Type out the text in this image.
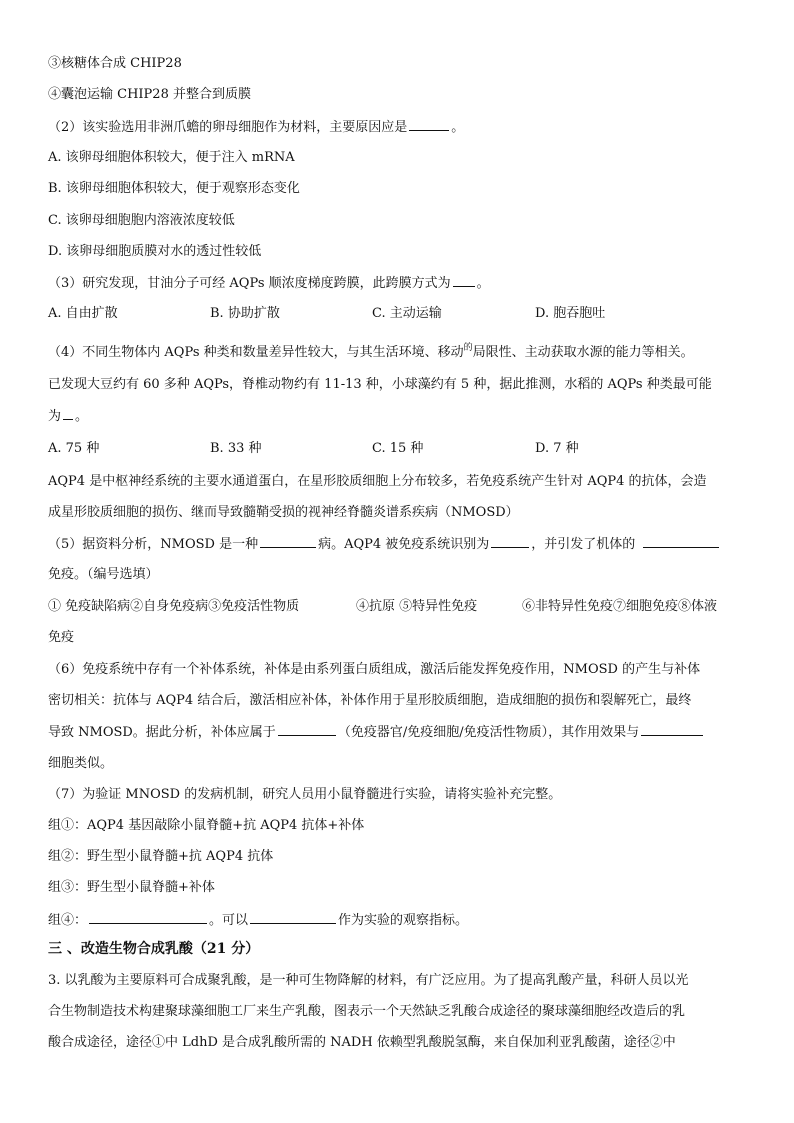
③核糖体合成 CHIP28
④囊泡运输 CHIP28 并整合到质膜
（2）该实验选用非洲爪蟾的卵母细胞作为材料，主要原因应是	。
A. 该卵母细胞体积较大，便于注入 mRNA
B. 该卵母细胞体积较大，便于观察形态变化
C. 该卵母细胞胞内溶液浓度较低
D. 该卵母细胞质膜对水的透过性较低
（3）研究发现，甘油分子可经 AQPs 顺浓度梯度跨膜，此跨膜方式为 。
A. 自由扩散	B. 协助扩散	C. 主动运输	D. 胞吞胞吐
（4）不同生物体内 AQPs 种类和数量差异性较大，与其生活环境、移动$^的$局限性、主动获取水源的能力等相关。
已发现大豆约有 60 多种 AQPs，脊椎动物约有 11-13 种，小球藻约有 5 种，据此推测，水稻的 AQPs 种类最可能
为 。
A. 75 种	B. 33 种	C. 15 种	D. 7 种
AQP4 是中枢神经系统的主要水通道蛋白，在星形胶质细胞上分布较多，若免疫系统产生针对 AQP4 的抗体，会造
成星形胶质细胞的损伤、继而导致髓鞘受损的视神经脊髓炎谱系疾病（NMOSD）
（5）据资料分析，NMOSD 是一种	病。AQP4 被免疫系统识别为	，并引发了机体的
免疫。（编号选填）
① 免疫缺陷病②自身免疫病③免疫活性物质	④抗原 ⑤特异性免疫	⑥非特异性免疫⑦细胞免疫⑧体液
免疫
（6）免疫系统中存有一个补体系统，补体是由系列蛋白质组成，激活后能发挥免疫作用，NMOSD 的产生与补体
密切相关：抗体与 AQP4 结合后，激活相应补体，补体作用于星形胶质细胞，造成细胞的损伤和裂解死亡，最终
导致 NMOSD。据此分析，补体应属于	（免疫器官/免疫细胞/免疫活性物质），其作用效果与
细胞类似。
（7）为验证 MNOSD 的发病机制，研究人员用小鼠脊髓进行实验，请将实验补充完整。
组①：AQP4 基因敲除小鼠脊髓+抗 AQP4 抗体+补体
组②：野生型小鼠脊髓+抗 AQP4 抗体
组③：野生型小鼠脊髓+补体
组④：	。可以	作为实验的观察指标。
三 、改造生物合成乳酸（21 分）
3. 以乳酸为主要原料可合成聚乳酸，是一种可生物降解的材料，有广泛应用。为了提高乳酸产量，科研人员以光
合生物制造技术构建聚球藻细胞工厂来生产乳酸，图表示一个天然缺乏乳酸合成途径的聚球藻细胞经改造后的乳
酸合成途径，途径①中 LdhD 是合成乳酸所需的 NADH 依赖型乳酸脱氢酶，来自保加利亚乳酸菌，途径②中
